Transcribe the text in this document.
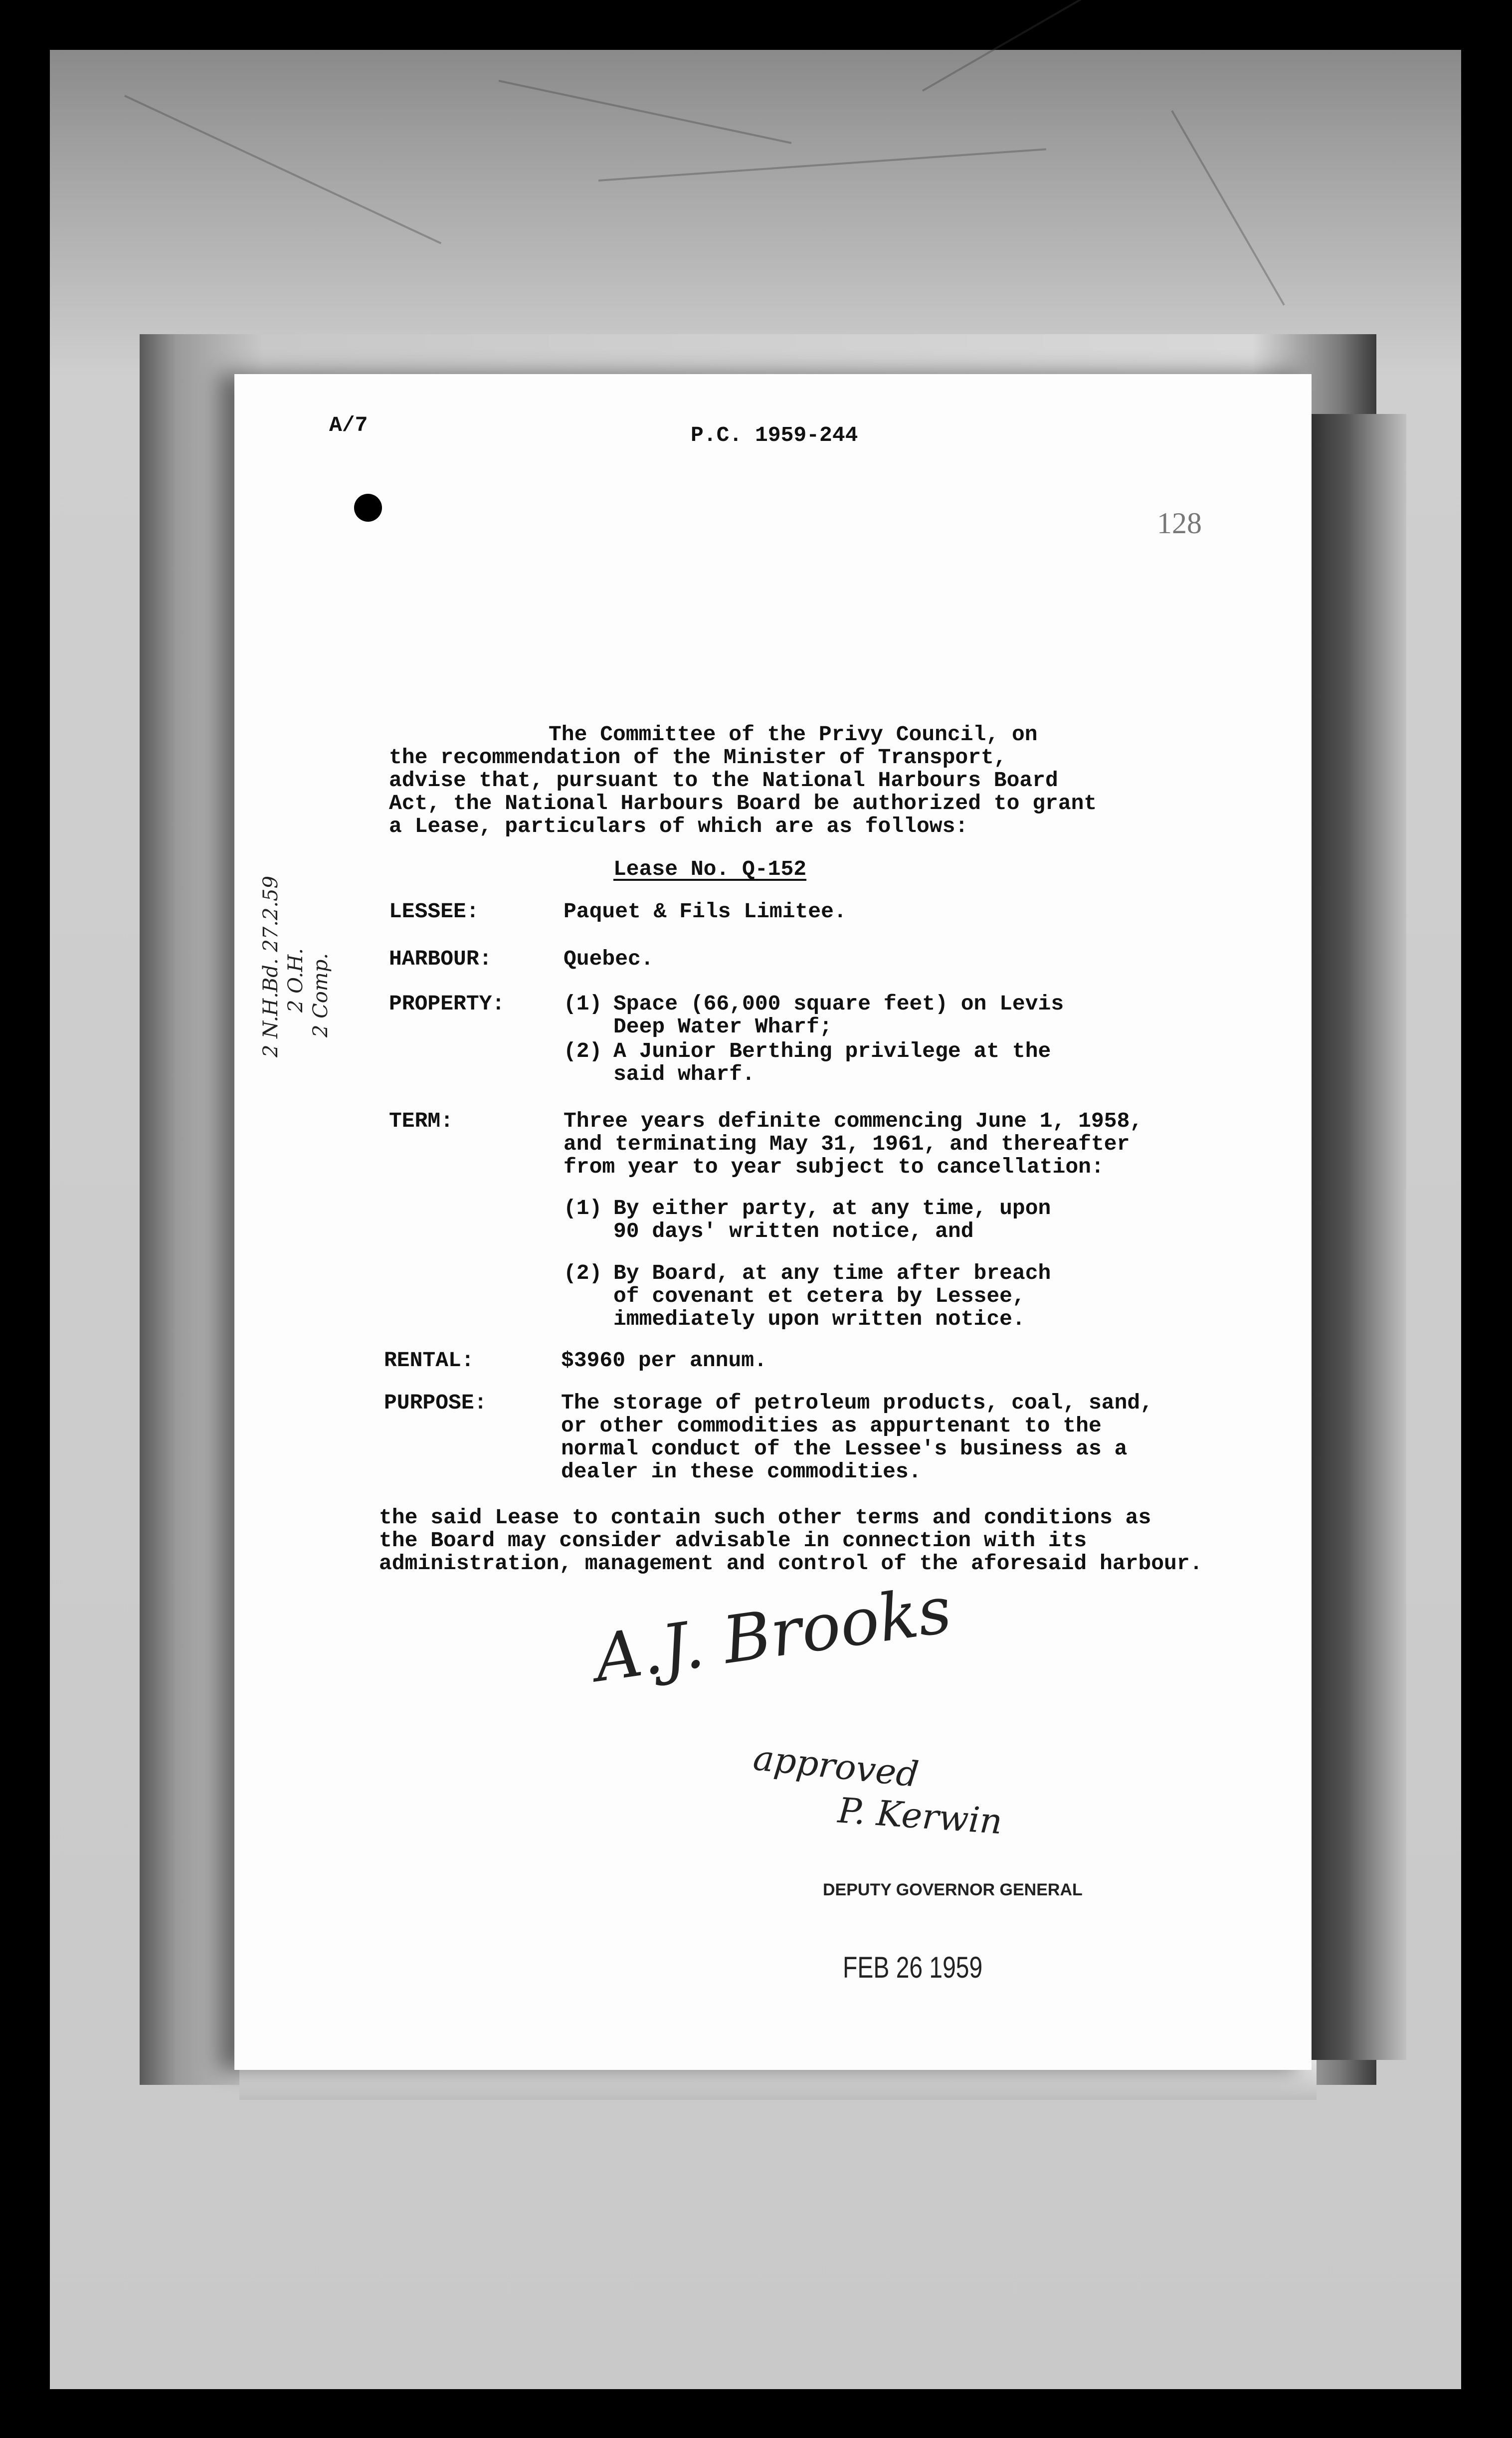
A/7	P.C. 1959-244
128
2 N.H.Bd. 27.2.59 2 O.H. 2 Comp.
The Committee of the Privy Council, on
the recommendation of the Minister of Transport,
advise that, pursuant to the National Harbours Board
Act, the National Harbours Board be authorized to grant
a Lease, particulars of which are as follows:
Lease No. Q-152
LESSEE:	Paquet & Fils Limitee.
HARBOUR:	Quebec.
PROPERTY:	(1) Space (66,000 square feet) on Levis
Deep Water Wharf;
(2) A Junior Berthing privilege at the
said wharf.
TERM:	Three years definite commencing June 1, 1958,
and terminating May 31, 1961, and thereafter
from year to year subject to cancellation:
(1) By either party, at any time, upon
90 days' written notice, and
(2) By Board, at any time after breach
of covenant et cetera by Lessee,
immediately upon written notice.
RENTAL:	$3960 per annum.
PURPOSE:	The storage of petroleum products, coal, sand,
or other commodities as appurtenant to the
normal conduct of the Lessee's business as a
dealer in these commodities.
the said Lease to contain such other terms and conditions as
the Board may consider advisable in connection with its
administration, management and control of the aforesaid harbour.
A.J. Brooks
approved
P. Kerwin
DEPUTY GOVERNOR GENERAL
FEB 26 1959
